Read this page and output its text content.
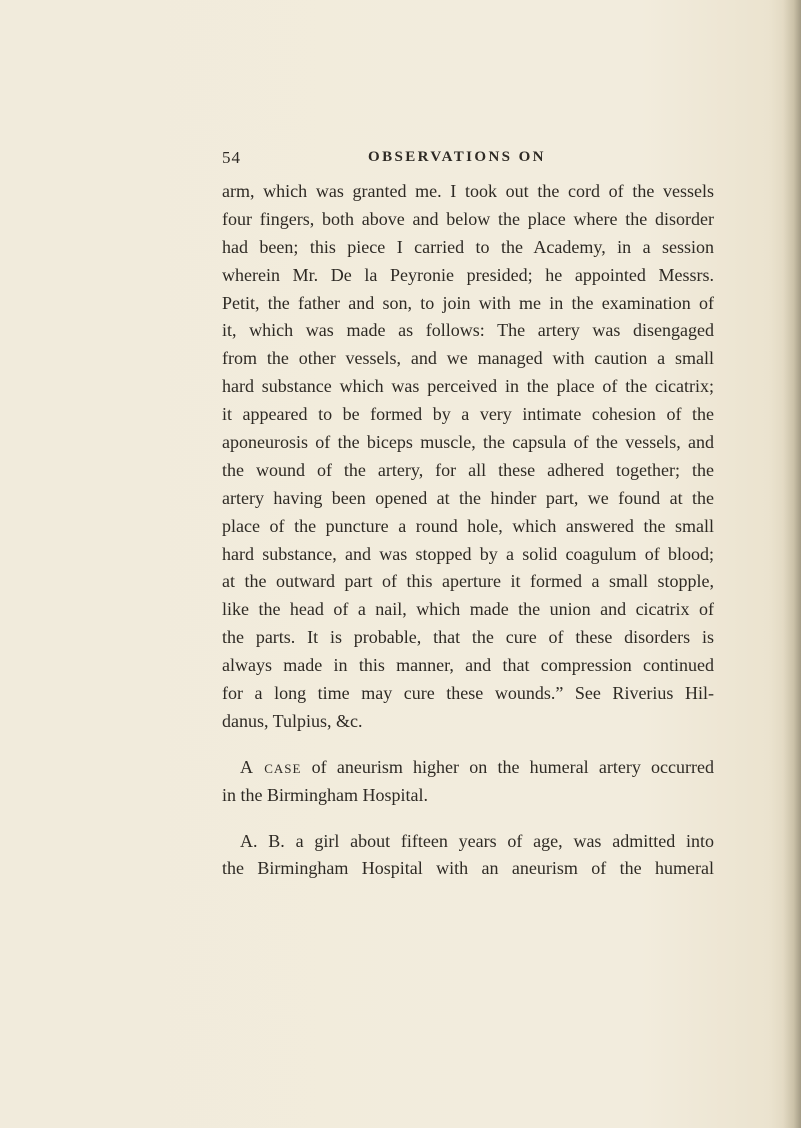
54	OBSERVATIONS ON
arm, which was granted me. I took out the cord of the vessels
four fingers, both above and below the place where the disorder
had been; this piece I carried to the Academy, in a session
wherein Mr. De la Peyronie presided; he appointed Messrs.
Petit, the father and son, to join with me in the examination of
it, which was made as follows: The artery was disengaged
from the other vessels, and we managed with caution a small
hard substance which was perceived in the place of the cicatrix;
it appeared to be formed by a very intimate cohesion of the
aponeurosis of the biceps muscle, the capsula of the vessels, and
the wound of the artery, for all these adhered together; the
artery having been opened at the hinder part, we found at the
place of the puncture a round hole, which answered the small
hard substance, and was stopped by a solid coagulum of blood;
at the outward part of this aperture it formed a small stopple,
like the head of a nail, which made the union and cicatrix of
the parts. It is probable, that the cure of these disorders is
always made in this manner, and that compression continued
for a long time may cure these wounds.” See Riverius Hil-
danus, Tulpius, &c.
A case of aneurism higher on the humeral artery occurred
in the Birmingham Hospital.
A. B. a girl about fifteen years of age, was admitted into
the Birmingham Hospital with an aneurism of the humeral
